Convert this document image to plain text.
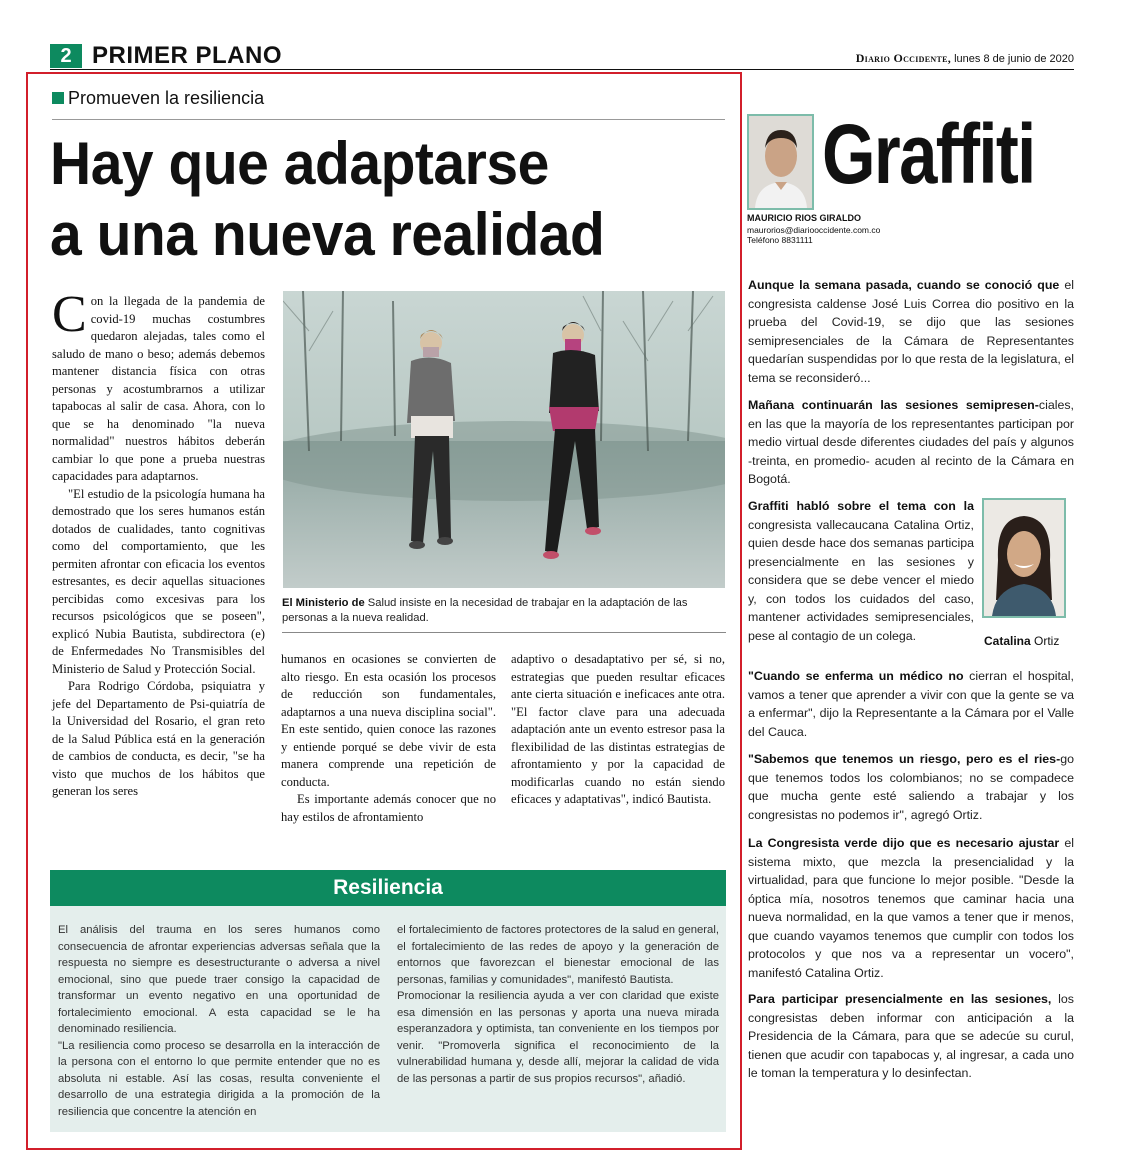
2 PRIMER PLANO	Diario Occidente, lunes 8 de junio de 2020
Promueven la resiliencia
Hay que adaptarse
a una nueva realidad

Con la llegada de la pandemia de covid-19 muchas costumbres quedaron alejadas, tales como el saludo de mano o beso; además debemos mantener distancia física con otras personas y acostumbrarnos a utilizar tapabocas al salir de casa. Ahora, con lo que se ha denominado "la nueva normalidad" nuestros hábitos deberán cambiar lo que pone a prueba nuestras capacidades para adaptarnos.

"El estudio de la psicología humana ha demostrado que los seres humanos están dotados de cualidades, tanto cognitivas como del comportamiento, que les permiten afrontar con eficacia los eventos estresantes, es decir aquellas situaciones percibidas como excesivas para los recursos psicológicos que se poseen", explicó Nubia Bautista, subdirectora (e) de Enfermedades No Transmisibles del Ministerio de Salud y Protección Social.

Para Rodrigo Córdoba, psiquiatra y jefe del Departamento de Psi-quiatría de la Universidad del Rosario, el gran reto de la Salud Pública está en la generación de cambios de conducta, es decir, "se ha visto que muchos de los hábitos que generan los seres

El Ministerio de Salud insiste en la necesidad de trabajar en la adaptación de las personas a la nueva realidad.

humanos en ocasiones se convierten de alto riesgo. En esta ocasión los procesos de reducción son fundamentales, adaptarnos a una nueva disciplina social". En este sentido, quien conoce las razones y entiende porqué se debe vivir de esta manera comprende una repetición de conducta.

Es importante además conocer que no hay estilos de afrontamiento

adaptivo o desadaptativo per sé, si no, estrategias que pueden resultar eficaces ante cierta situación e ineficaces ante otra. "El factor clave para una adecuada adaptación ante un evento estresor pasa la flexibilidad de las distintas estrategias de afrontamiento y por la capacidad de modificarlas cuando no están siendo eficaces y adaptativas", indicó Bautista.

Resiliencia

El análisis del trauma en los seres humanos como consecuencia de afrontar experiencias adversas señala que la respuesta no siempre es desestructurante o adversa a nivel emocional, sino que puede traer consigo la capacidad de transformar un evento negativo en una oportunidad de fortalecimiento emocional. A esta capacidad se le ha denominado resiliencia.

"La resiliencia como proceso se desarrolla en la interacción de la persona con el entorno lo que permite entender que no es absoluta ni estable. Así las cosas, resulta conveniente el desarrollo de una estrategia dirigida a la promoción de la resiliencia que concentre la atención en

el fortalecimiento de factores protectores de la salud en general, el fortalecimiento de las redes de apoyo y la generación de entornos que favorezcan el bienestar emocional de las personas, familias y comunidades", manifestó Bautista.

Promocionar la resiliencia ayuda a ver con claridad que existe esa dimensión en las personas y aporta una nueva mirada esperanzadora y optimista, tan conveniente en los tiempos por venir. "Promoverla significa el reconocimiento de la vulnerabilidad humana y, desde allí, mejorar la calidad de vida de las personas a partir de sus propios recursos", añadió.

Graffiti
MAURICIO RIOS GIRALDO
maurorios@diariooccidente.com.co
Teléfono 8831111
Aunque la semana pasada, cuando se conoció que el congresista caldense José Luis Correa dio positivo en la prueba del Covid-19, se dijo que las sesiones semipresenciales de la Cámara de Representantes quedarían suspendidas por lo que resta de la legislatura, el tema se reconsideró...
Mañana continuarán las sesiones semipresen-ciales, en las que la mayoría de los representantes participan por medio virtual desde diferentes ciudades del país y algunos -treinta, en promedio- acuden al recinto de la Cámara en Bogotá.
Graffiti habló sobre el tema con la congresista vallecaucana Catalina Ortiz, quien desde hace dos semanas participa presencialmente en las sesiones y considera que se debe vencer el miedo y, con todos los cuidados del caso, mantener actividades semipresenciales, pese al contagio de un colega.	Catalina Ortiz
"Cuando se enferma un médico no cierran el hospital, vamos a tener que aprender a vivir con que la gente se va a enfermar", dijo la Representante a la Cámara por el Valle del Cauca.
"Sabemos que tenemos un riesgo, pero es el ries-go que tenemos todos los colombianos; no se compadece que mucha gente esté saliendo a trabajar y los congresistas no podemos ir", agregó Ortiz.
La Congresista verde dijo que es necesario ajustar el sistema mixto, que mezcla la presencialidad y la virtualidad, para que funcione lo mejor posible. "Desde la óptica mía, nosotros tenemos que caminar hacia una nueva normalidad, en la que vamos a tener que ir menos, que cuando vayamos tenemos que cumplir con todos los protocolos y que nos va a representar un vocero", manifestó Catalina Ortiz.
Para participar presencialmente en las sesiones, los congresistas deben informar con anticipación a la Presidencia de la Cámara, para que se adecúe su curul, tienen que acudir con tapabocas y, al ingresar, a cada uno le toman la temperatura y lo desinfectan.
